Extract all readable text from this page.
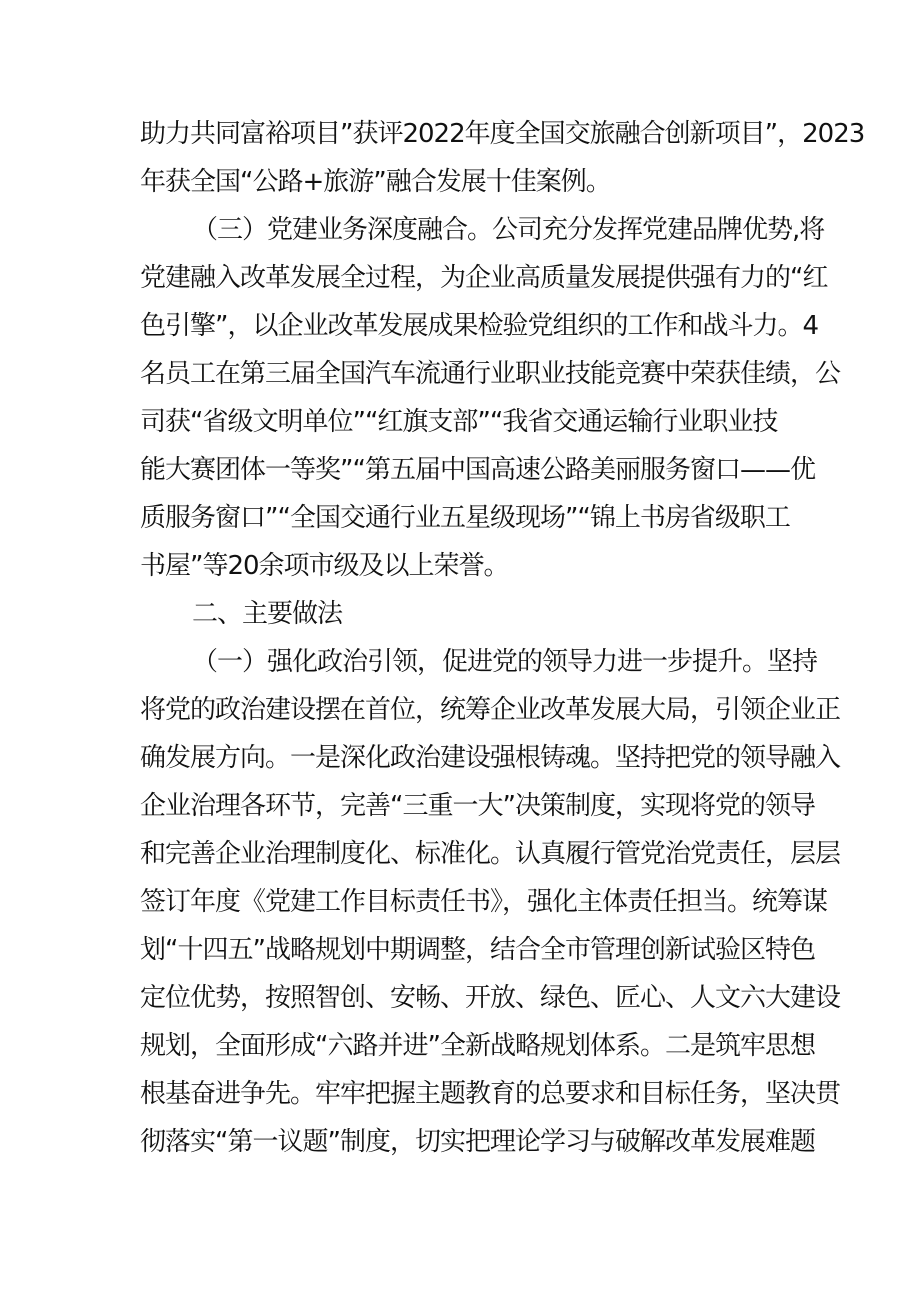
助力共同富裕项目”获评2022年度全国交旅融合创新项目”，2023
年获全国“公路+旅游”融合发展十佳案例。
（三）党建业务深度融合。公司充分发挥党建品牌优势,将
党建融入改革发展全过程，为企业高质量发展提供强有力的“红
色引擎”，以企业改革发展成果检验党组织的工作和战斗力。4
名员工在第三届全国汽车流通行业职业技能竞赛中荣获佳绩，公
司获“省级文明单位”“红旗支部”“我省交通运输行业职业技
能大赛团体一等奖”“第五届中国高速公路美丽服务窗口——优
质服务窗口”“全国交通行业五星级现场”“锦上书房省级职工
书屋”等20余项市级及以上荣誉。
二、主要做法
（一）强化政治引领，促进党的领导力进一步提升。坚持
将党的政治建设摆在首位，统筹企业改革发展大局，引领企业正
确发展方向。一是深化政治建设强根铸魂。坚持把党的领导融入
企业治理各环节，完善“三重一大”决策制度，实现将党的领导
和完善企业治理制度化、标准化。认真履行管党治党责任，层层
签订年度《党建工作目标责任书》，强化主体责任担当。统筹谋
划“十四五”战略规划中期调整，结合全市管理创新试验区特色
定位优势，按照智创、安畅、开放、绿色、匠心、人文六大建设
规划，全面形成“六路并进”全新战略规划体系。二是筑牢思想
根基奋进争先。牢牢把握主题教育的总要求和目标任务，坚决贯
彻落实“第一议题”制度，切实把理论学习与破解改革发展难题
